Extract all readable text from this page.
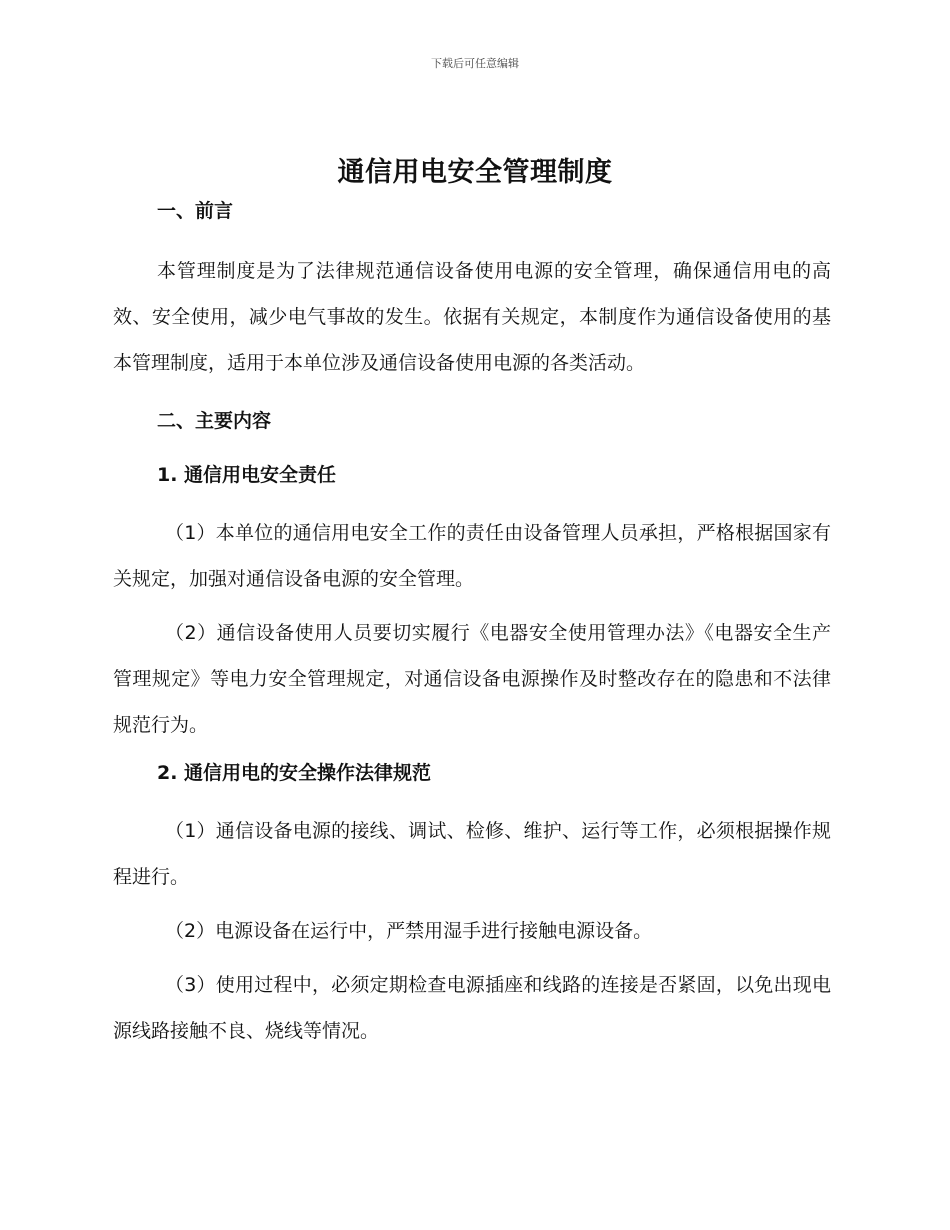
下载后可任意编辑
通信用电安全管理制度

一、前言

本管理制度是为了法律规范通信设备使用电源的安全管理，确保通信用电的高效、安全使用，减少电气事故的发生。依据有关规定，本制度作为通信设备使用的基本管理制度，适用于本单位涉及通信设备使用电源的各类活动。

二、主要内容

1. 通信用电安全责任

（1）本单位的通信用电安全工作的责任由设备管理人员承担，严格根据国家有关规定，加强对通信设备电源的安全管理。

（2）通信设备使用人员要切实履行《电器安全使用管理办法》《电器安全生产管理规定》等电力安全管理规定，对通信设备电源操作及时整改存在的隐患和不法律规范行为。

2. 通信用电的安全操作法律规范

（1）通信设备电源的接线、调试、检修、维护、运行等工作，必须根据操作规程进行。

（2）电源设备在运行中，严禁用湿手进行接触电源设备。

（3）使用过程中，必须定期检查电源插座和线路的连接是否紧固，以免出现电源线路接触不良、烧线等情况。
